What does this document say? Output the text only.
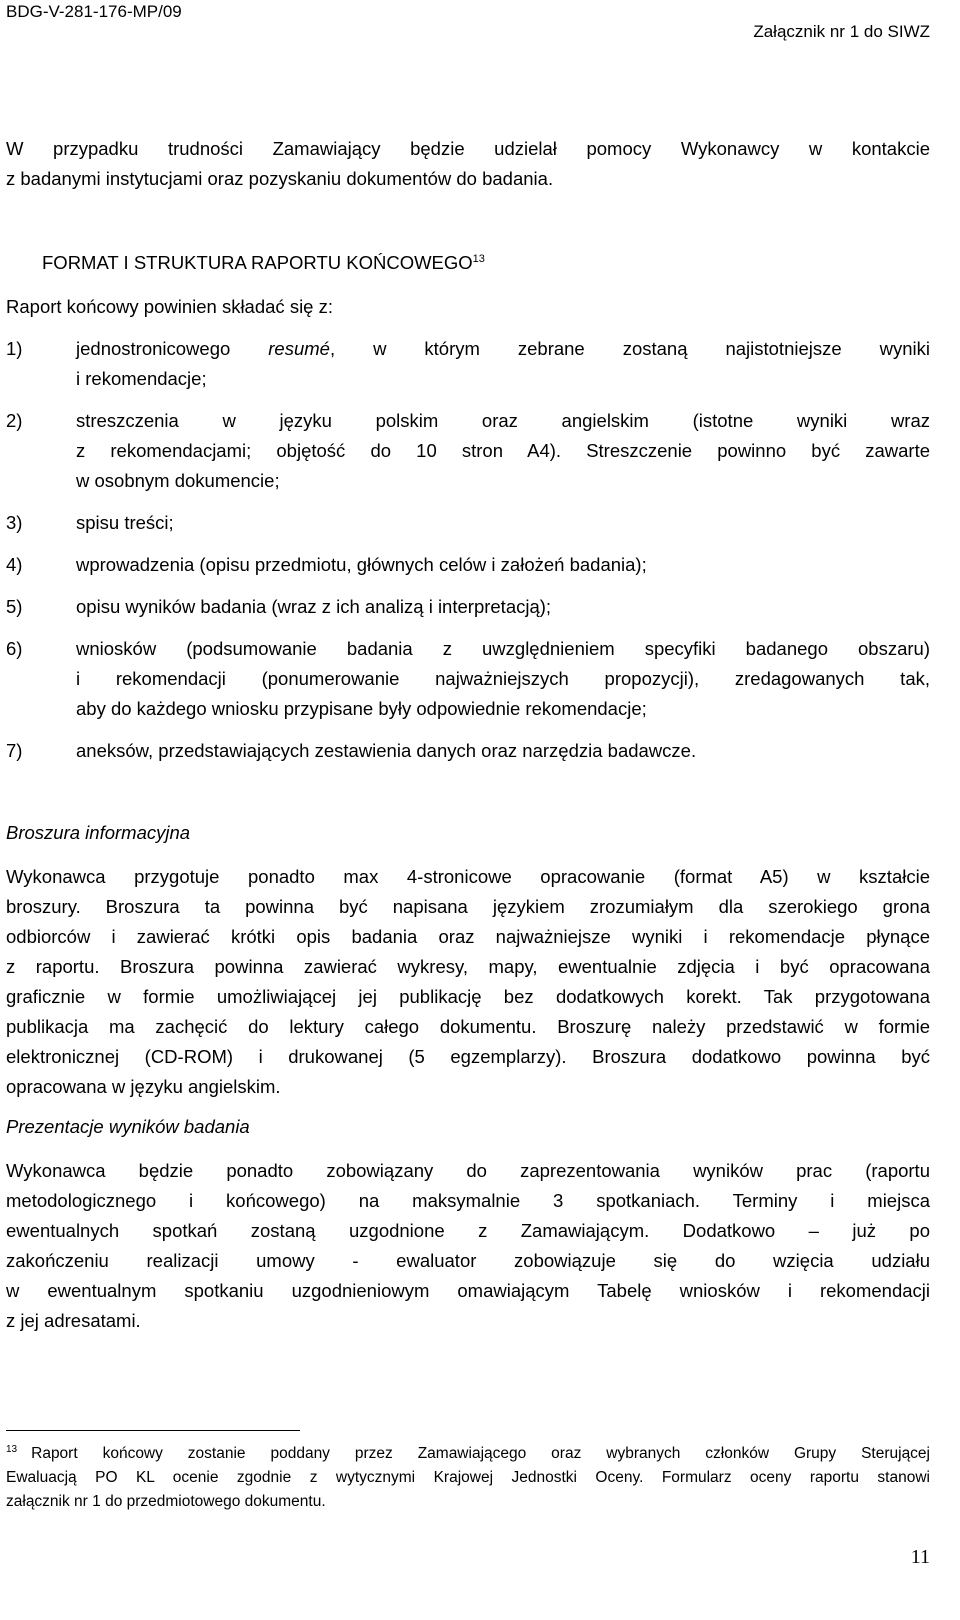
BDG-V-281-176-MP/09
Załącznik nr 1 do SIWZ
W przypadku trudności Zamawiający będzie udzielał pomocy Wykonawcy w kontakcie
z badanymi instytucjami oraz pozyskaniu dokumentów do badania.
FORMAT I STRUKTURA RAPORTU KOŃCOWEGO$^{13}$
Raport końcowy powinien składać się z:
1)	jednostronicowego resumé, w którym zebrane zostaną najistotniejsze wyniki
i rekomendacje;
2)	streszczenia w języku polskim oraz angielskim (istotne wyniki wraz
z rekomendacjami; objętość do 10 stron A4). Streszczenie powinno być zawarte
w osobnym dokumencie;
3)	spisu treści;
4)	wprowadzenia (opisu przedmiotu, głównych celów i założeń badania);
5)	opisu wyników badania (wraz z ich analizą i interpretacją);
6)	wniosków (podsumowanie badania z uwzględnieniem specyfiki badanego obszaru)
i rekomendacji (ponumerowanie najważniejszych propozycji), zredagowanych tak,
aby do każdego wniosku przypisane były odpowiednie rekomendacje;
7)	aneksów, przedstawiających zestawienia danych oraz narzędzia badawcze.
Broszura informacyjna
Wykonawca przygotuje ponadto max 4-stronicowe opracowanie (format A5) w kształcie
broszury. Broszura ta powinna być napisana językiem zrozumiałym dla szerokiego grona
odbiorców i zawierać krótki opis badania oraz najważniejsze wyniki i rekomendacje płynące
z raportu. Broszura powinna zawierać wykresy, mapy, ewentualnie zdjęcia i być opracowana
graficznie w formie umożliwiającej jej publikację bez dodatkowych korekt. Tak przygotowana
publikacja ma zachęcić do lektury całego dokumentu. Broszurę należy przedstawić w formie
elektronicznej (CD-ROM) i drukowanej (5 egzemplarzy). Broszura dodatkowo powinna być
opracowana w języku angielskim.
Prezentacje wyników badania
Wykonawca będzie ponadto zobowiązany do zaprezentowania wyników prac (raportu
metodologicznego i końcowego) na maksymalnie 3 spotkaniach. Terminy i miejsca
ewentualnych spotkań zostaną uzgodnione z Zamawiającym. Dodatkowo – już po
zakończeniu realizacji umowy - ewaluator zobowiązuje się do wzięcia udziału
w ewentualnym spotkaniu uzgodnieniowym omawiającym Tabelę wniosków i rekomendacji
z jej adresatami.
$^{13}$ Raport końcowy zostanie poddany przez Zamawiającego oraz wybranych członków Grupy Sterującej
Ewaluacją PO KL ocenie zgodnie z wytycznymi Krajowej Jednostki Oceny. Formularz oceny raportu stanowi
załącznik nr 1 do przedmiotowego dokumentu.
11
